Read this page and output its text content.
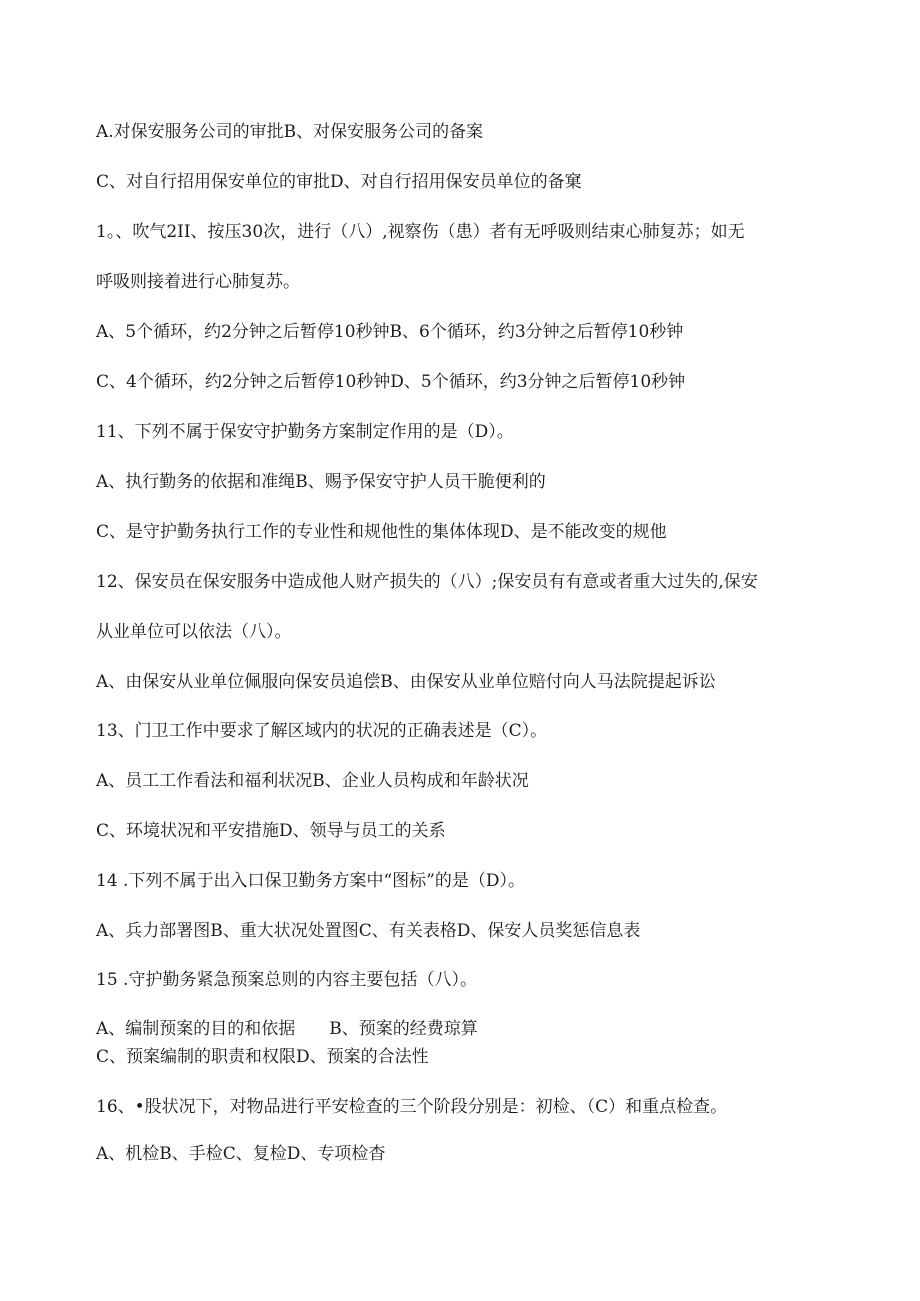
A.对保安服务公司的审批B、对保安服务公司的备案
C、对自行招用保安单位的审批D、对自行招用保安员单位的备窠
1。、吹气2II、按压30次，进行（八）,视察伤（患）者有无呼吸则结束心肺复苏；如无
呼吸则接着进行心肺复苏。
A、5个循环，约2分钟之后暂停10秒钟B、6个循环，约3分钟之后暂停10秒钟
C、4个循环，约2分钟之后暂停10秒钟D、5个循环，约3分钟之后暂停10秒钟
11、下列不属于保安守护勤务方案制定作用的是（D）。
A、执行勤务的依据和准绳B、赐予保安守护人员干脆便利的
C、是守护勤务执行工作的专业性和规他性的集体体现D、是不能改变的规他
12、保安员在保安服务中造成他人财产损失的（八）;保安员有有意或者重大过失的,保安
从业单位可以依法（八）。
A、由保安从业单位佩服向保安员追偿B、由保安从业单位赔付向人马法院提起诉讼
13、门卫工作中要求了解区域内的状况的正确表述是（C）。
A、员工工作看法和福利状况B、企业人员构成和年龄状况
C、环境状况和平安措施D、领导与员工的关系
14 .下列不属于出入口保卫勤务方案中“图标”的是（D）。
A、兵力部署图B、重大状况处置图C、有关表格D、保安人员奖惩信息表
15 .守护勤务紧急预案总则的内容主要包括（八）。
A、编制预案的目的和依据　　B、预案的经费琼算
C、预案编制的职责和权限D、预案的合法性
16、•股状况下，对物品进行平安检查的三个阶段分别是：初检、（C）和重点检查。
A、机检B、手检C、复检D、专项检杳
